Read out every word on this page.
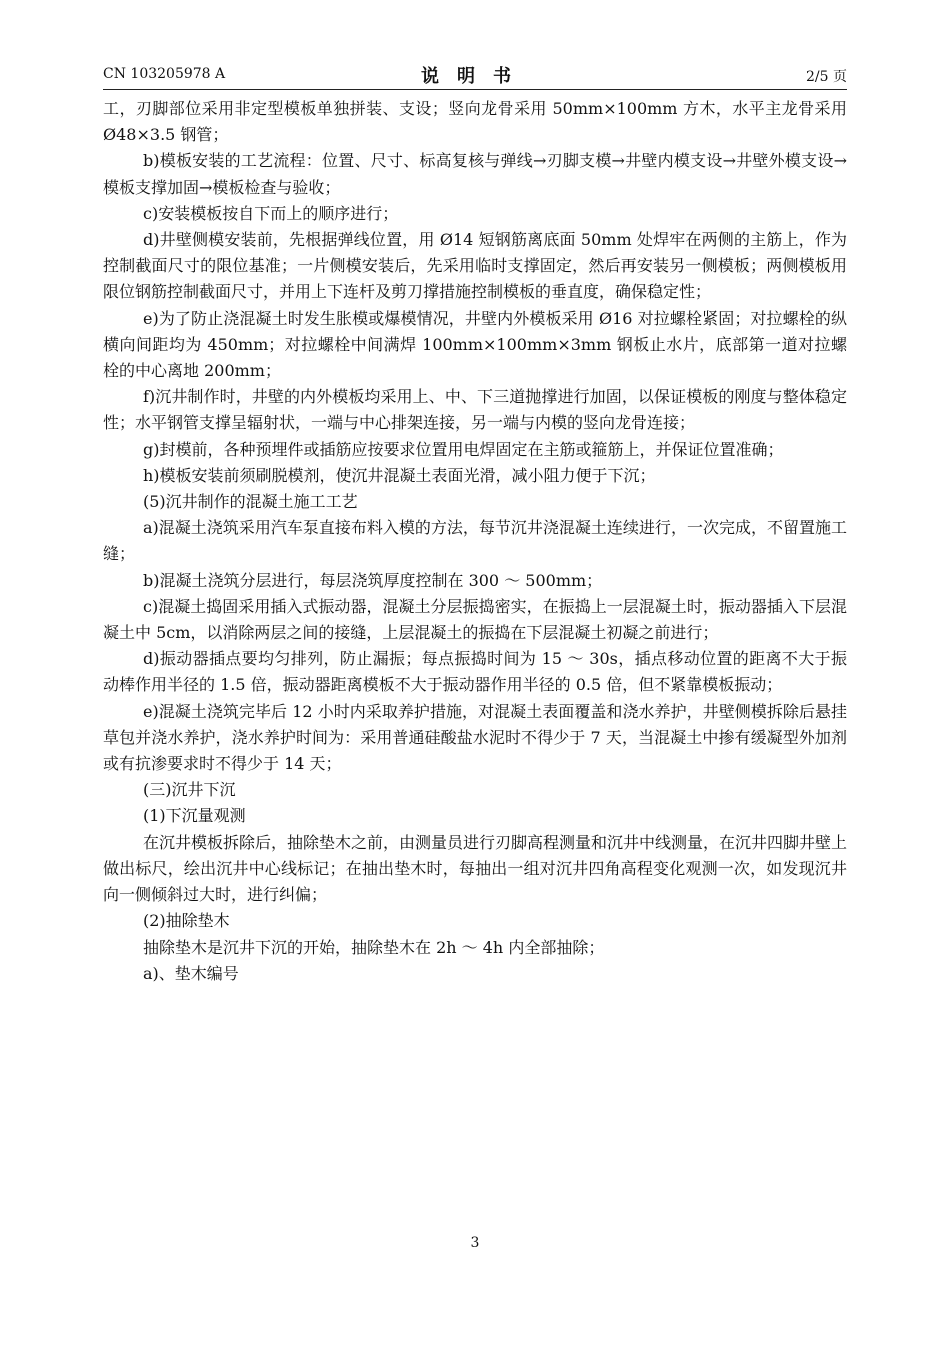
CN 103205978 A	说明书	2/5 页

工，刃脚部位采用非定型模板单独拼装、支设；竖向龙骨采用 50mm×100mm 方木，水平主龙骨采用 Ø48×3.5 钢管；

b)模板安装的工艺流程：位置、尺寸、标高复核与弹线→刃脚支模→井壁内模支设→井壁外模支设→模板支撑加固→模板检查与验收；

c)安装模板按自下而上的顺序进行；

d)井壁侧模安装前，先根据弹线位置，用 Ø14 短钢筋离底面 50mm 处焊牢在两侧的主筋上，作为控制截面尺寸的限位基准；一片侧模安装后，先采用临时支撑固定，然后再安装另一侧模板；两侧模板用限位钢筋控制截面尺寸，并用上下连杆及剪刀撑措施控制模板的垂直度，确保稳定性；

e)为了防止浇混凝土时发生胀模或爆模情况，井壁内外模板采用 Ø16 对拉螺栓紧固；对拉螺栓的纵横向间距均为 450mm；对拉螺栓中间满焊 100mm×100mm×3mm 钢板止水片，底部第一道对拉螺栓的中心离地 200mm；

f)沉井制作时，井壁的内外模板均采用上、中、下三道抛撑进行加固，以保证模板的刚度与整体稳定性；水平钢管支撑呈辐射状，一端与中心排架连接，另一端与内模的竖向龙骨连接；

g)封模前，各种预埋件或插筋应按要求位置用电焊固定在主筋或箍筋上，并保证位置准确；

h)模板安装前须刷脱模剂，使沉井混凝土表面光滑，减小阻力便于下沉；

(5)沉井制作的混凝土施工工艺

a)混凝土浇筑采用汽车泵直接布料入模的方法，每节沉井浇混凝土连续进行，一次完成，不留置施工缝；

b)混凝土浇筑分层进行，每层浇筑厚度控制在 300 ～ 500mm；

c)混凝土捣固采用插入式振动器，混凝土分层振捣密实，在振捣上一层混凝土时，振动器插入下层混凝土中 5cm，以消除两层之间的接缝，上层混凝土的振捣在下层混凝土初凝之前进行；

d)振动器插点要均匀排列，防止漏振；每点振捣时间为 15 ～ 30s，插点移动位置的距离不大于振动棒作用半径的 1.5 倍，振动器距离模板不大于振动器作用半径的 0.5 倍，但不紧靠模板振动；

e)混凝土浇筑完毕后 12 小时内采取养护措施，对混凝土表面覆盖和浇水养护，井壁侧模拆除后悬挂草包并浇水养护，浇水养护时间为：采用普通硅酸盐水泥时不得少于 7 天，当混凝土中掺有缓凝型外加剂或有抗渗要求时不得少于 14 天；

(三)沉井下沉

(1)下沉量观测

在沉井模板拆除后，抽除垫木之前，由测量员进行刃脚高程测量和沉井中线测量，在沉井四脚井壁上做出标尺，绘出沉井中心线标记；在抽出垫木时，每抽出一组对沉井四角高程变化观测一次，如发现沉井向一侧倾斜过大时，进行纠偏；

(2)抽除垫木

抽除垫木是沉井下沉的开始，抽除垫木在 2h ～ 4h 内全部抽除；

a)、垫木编号

3
